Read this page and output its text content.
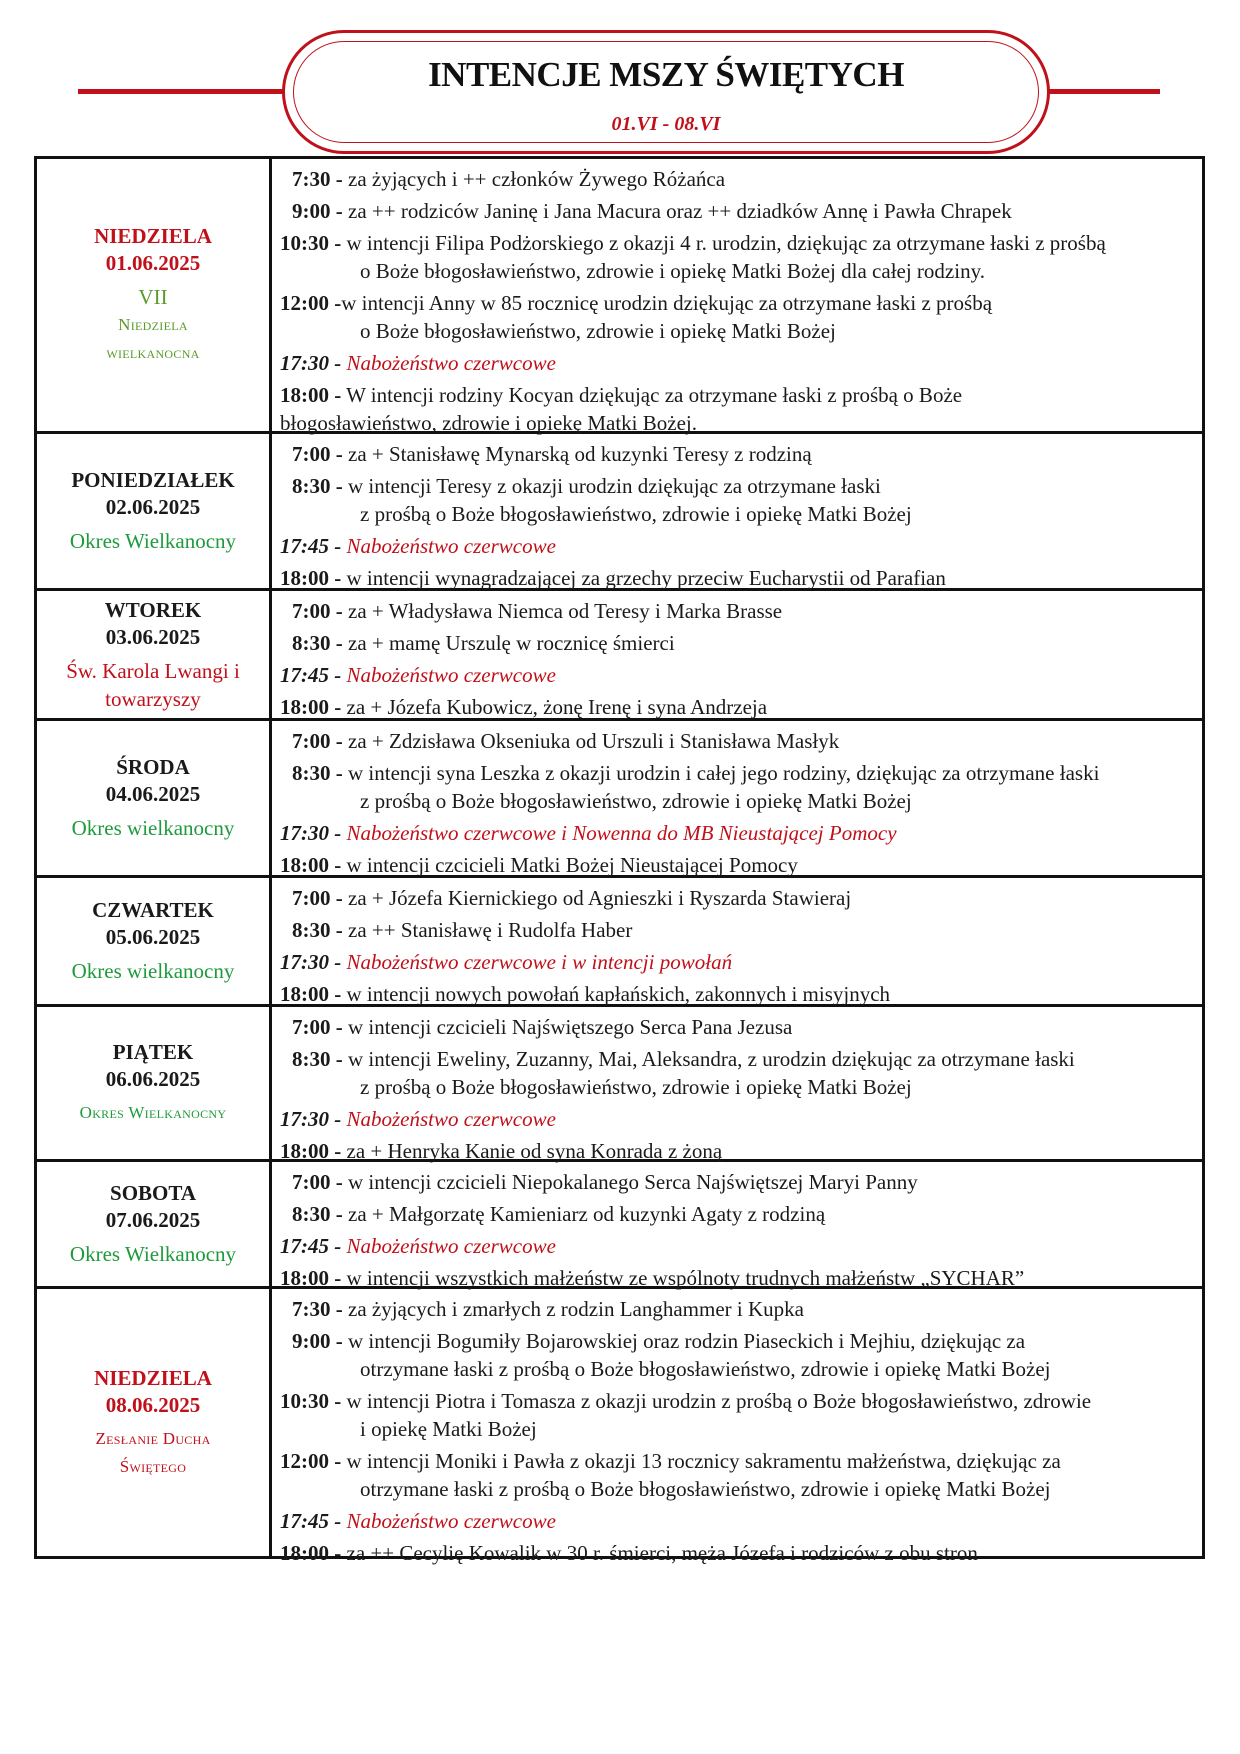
INTENCJE MSZY ŚWIĘTYCH
01.VI - 08.VI
NIEDZIELA
01.06.2025
VII
Niedziela
wielkanocna
7:30 - za żyjących i ++ członków Żywego Różańca
9:00 - za ++ rodziców Janinę i Jana Macura oraz ++ dziadków Annę i Pawła Chrapek
10:30 - w intencji Filipa Podżorskiego z okazji 4 r. urodzin, dziękując za otrzymane łaski z prośbą
o Boże błogosławieństwo, zdrowie i opiekę Matki Bożej dla całej rodziny.
12:00 -w intencji Anny w 85 rocznicę urodzin dziękując za otrzymane łaski z prośbą
o Boże błogosławieństwo, zdrowie i opiekę Matki Bożej
17:30 - Nabożeństwo czerwcowe
18:00 - W intencji rodziny Kocyan dziękując za otrzymane łaski z prośbą o Boże
błogosławieństwo, zdrowie i opiekę Matki Bożej.
PONIEDZIAŁEK
02.06.2025
Okres Wielkanocny
7:00 - za + Stanisławę Mynarską od kuzynki Teresy z rodziną
8:30 - w intencji Teresy z okazji urodzin dziękując za otrzymane łaski
z prośbą o Boże błogosławieństwo, zdrowie i opiekę Matki Bożej
17:45 - Nabożeństwo czerwcowe
18:00 - w intencji wynagradzającej za grzechy przeciw Eucharystii od Parafian
WTOREK
03.06.2025
Św. Karola Lwangi i
towarzyszy
7:00 - za + Władysława Niemca od Teresy i Marka Brasse
8:30 - za + mamę Urszulę w rocznicę śmierci
17:45 - Nabożeństwo czerwcowe
18:00 - za + Józefa Kubowicz, żonę Irenę i syna Andrzeja
ŚRODA
04.06.2025
Okres wielkanocny
7:00 - za + Zdzisława Okseniuka od Urszuli i Stanisława Masłyk
8:30 - w intencji syna Leszka z okazji urodzin i całej jego rodziny, dziękując za otrzymane łaski
z prośbą o Boże błogosławieństwo, zdrowie i opiekę Matki Bożej
17:30 - Nabożeństwo czerwcowe i Nowenna do MB Nieustającej Pomocy
18:00 - w intencji czcicieli Matki Bożej Nieustającej Pomocy
CZWARTEK
05.06.2025
Okres wielkanocny
7:00 - za + Józefa Kiernickiego od Agnieszki i Ryszarda Stawieraj
8:30 - za ++ Stanisławę i Rudolfa Haber
17:30 - Nabożeństwo czerwcowe i w intencji powołań
18:00 - w intencji nowych powołań kapłańskich, zakonnych i misyjnych
PIĄTEK
06.06.2025
Okres Wielkanocny
7:00 - w intencji czcicieli Najświętszego Serca Pana Jezusa
8:30 - w intencji Eweliny, Zuzanny, Mai, Aleksandra, z urodzin dziękując za otrzymane łaski
z prośbą o Boże błogosławieństwo, zdrowie i opiekę Matki Bożej
17:30 - Nabożeństwo czerwcowe
18:00 - za + Henryka Kanie od syna Konrada z żoną
SOBOTA
07.06.2025
Okres Wielkanocny
7:00 - w intencji czcicieli Niepokalanego Serca Najświętszej Maryi Panny
8:30 - za + Małgorzatę Kamieniarz od kuzynki Agaty z rodziną
17:45 - Nabożeństwo czerwcowe
18:00 - w intencji wszystkich małżeństw ze wspólnoty trudnych małżeństw „SYCHAR”
NIEDZIELA
08.06.2025
Zesłanie Ducha
Świętego
7:30 - za żyjących i zmarłych z rodzin Langhammer i Kupka
9:00 - w intencji Bogumiły Bojarowskiej oraz rodzin Piaseckich i Mejhiu, dziękując za
otrzymane łaski z prośbą o Boże błogosławieństwo, zdrowie i opiekę Matki Bożej
10:30 - w intencji Piotra i Tomasza z okazji urodzin z prośbą o Boże błogosławieństwo, zdrowie
i opiekę Matki Bożej
12:00 - w intencji Moniki i Pawła z okazji 13 rocznicy sakramentu małżeństwa, dziękując za
otrzymane łaski z prośbą o Boże błogosławieństwo, zdrowie i opiekę Matki Bożej
17:45 - Nabożeństwo czerwcowe
18:00 - za ++ Cecylię Kowalik w 30 r. śmierci, męża Józefa i rodziców z obu stron
